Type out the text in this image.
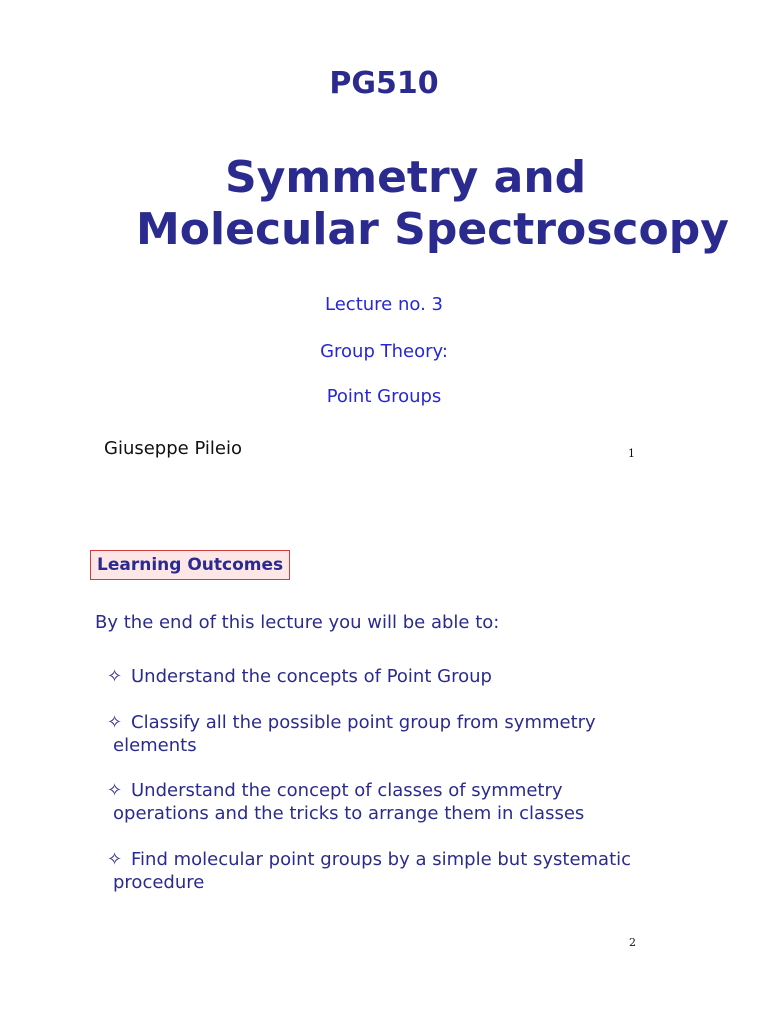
PG510
Symmetry and
Molecular Spectroscopy
Lecture no. 3
Group Theory:
Point Groups
Giuseppe Pileio	1
Learning Outcomes
By the end of this lecture you will be able to:
✧ Understand the concepts of Point Group
✧ Classify all the possible point group from symmetry
elements
✧ Understand the concept of classes of symmetry
operations and the tricks to arrange them in classes
✧ Find molecular point groups by a simple but systematic
procedure
2
